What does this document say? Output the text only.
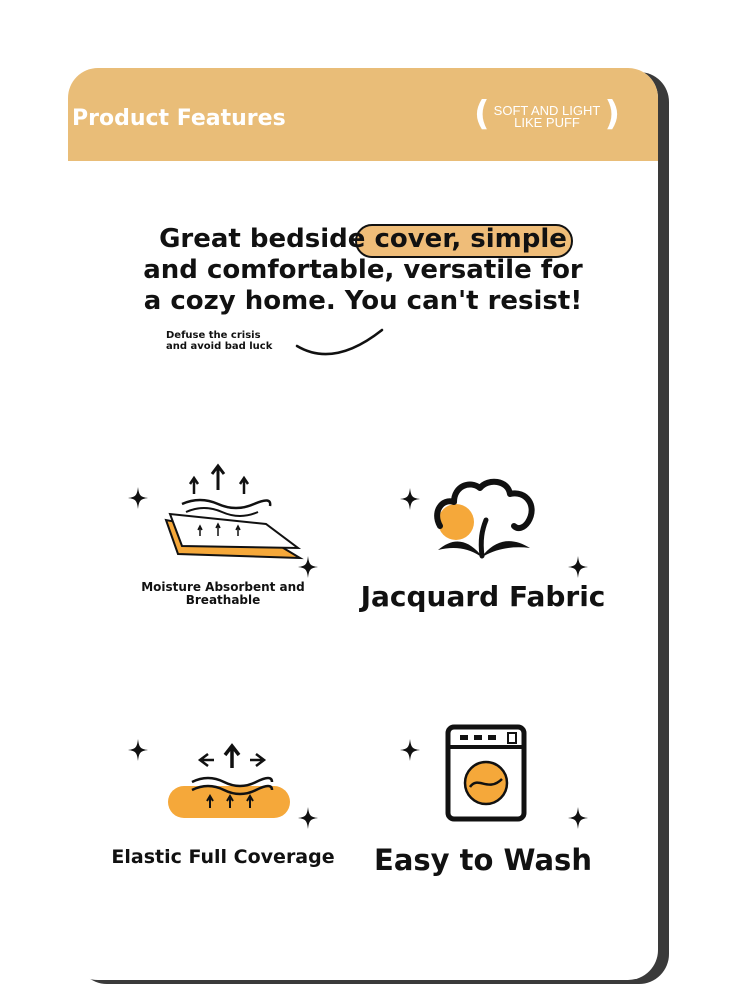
Product Features	( SOFT AND LIGHT
LIKE PUFF )
Great bedside cover, simple
and comfortable, versatile for
a cozy home. You can't resist!
Defuse the crisis
and avoid bad luck
Moisture Absorbent and
Breathable	Jacquard Fabric
Elastic Full Coverage	Easy to Wash
